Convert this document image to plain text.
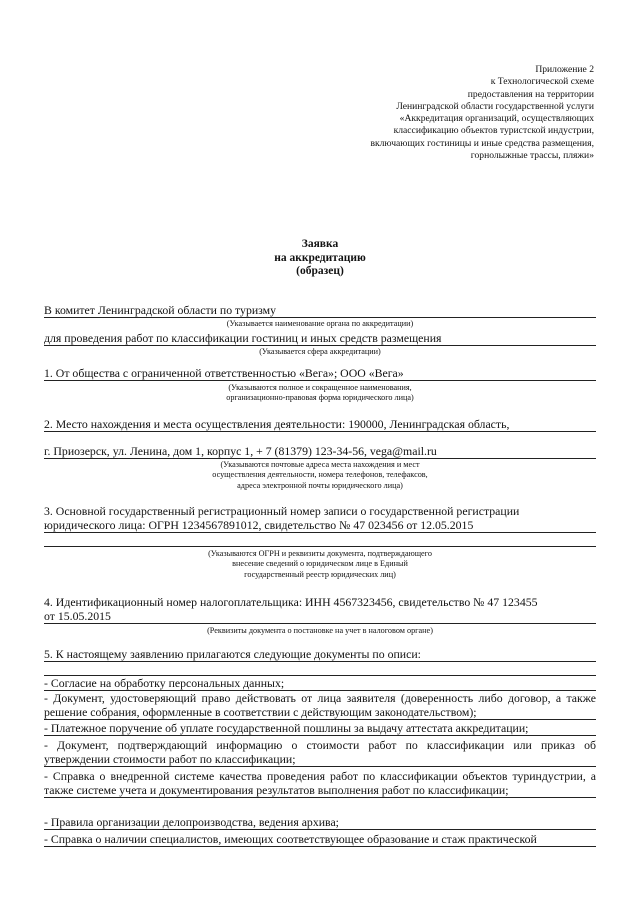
Приложение 2
к Технологической схеме
предоставления на территории
Ленинградской области государственной услуги
«Аккредитация организаций, осуществляющих
классификацию объектов туристской индустрии,
включающих гостиницы и иные средства размещения,
горнолыжные трассы, пляжи»
Заявка
на аккредитацию
(образец)
В комитет Ленинградской области по туризму
(Указывается наименование органа по аккредитации)
для проведения работ по классификации гостиниц и иных средств размещения
(Указывается сфера аккредитации)
1. От общества с ограниченной ответственностью «Вега»; ООО «Вега»
(Указываются полное и сокращенное наименования,
организационно-правовая форма юридического лица)
2. Место нахождения и места осуществления деятельности: 190000, Ленинградская область,
г. Приозерск, ул. Ленина, дом 1, корпус 1, + 7 (81379) 123-34-56, vega@mail.ru
(Указываются почтовые адреса места нахождения и мест
осуществления деятельности, номера телефонов, телефаксов,
адреса электронной почты юридического лица)
3. Основной государственный регистрационный номер записи о государственной регистрации
юридического лица: ОГРН 1234567891012, свидетельство № 47 023456 от 12.05.2015
(Указываются ОГРН и реквизиты документа, подтверждающего
внесение сведений о юридическом лице в Единый
государственный реестр юридических лиц)
4. Идентификационный номер налогоплательщика: ИНН 4567323456, свидетельство № 47 123455
от 15.05.2015
(Реквизиты документа о постановке на учет в налоговом органе)
5. К настоящему заявлению прилагаются следующие документы по описи:
- Согласие на обработку персональных данных;
- Документ, удостоверяющий право действовать от лица заявителя (доверенность либо договор, а также решение собрания, оформленные в соответствии с действующим законодательством);
- Платежное поручение об уплате государственной пошлины за выдачу аттестата аккредитации;
- Документ, подтверждающий информацию о стоимости работ по классификации или приказ об утверждении стоимости работ по классификации;
- Справка о внедренной системе качества проведения работ по классификации объектов туриндустрии, а также системе учета и документирования результатов выполнения работ по классификации;
- Правила организации делопроизводства, ведения архива;
- Справка о наличии специалистов, имеющих соответствующее образование и стаж практической
